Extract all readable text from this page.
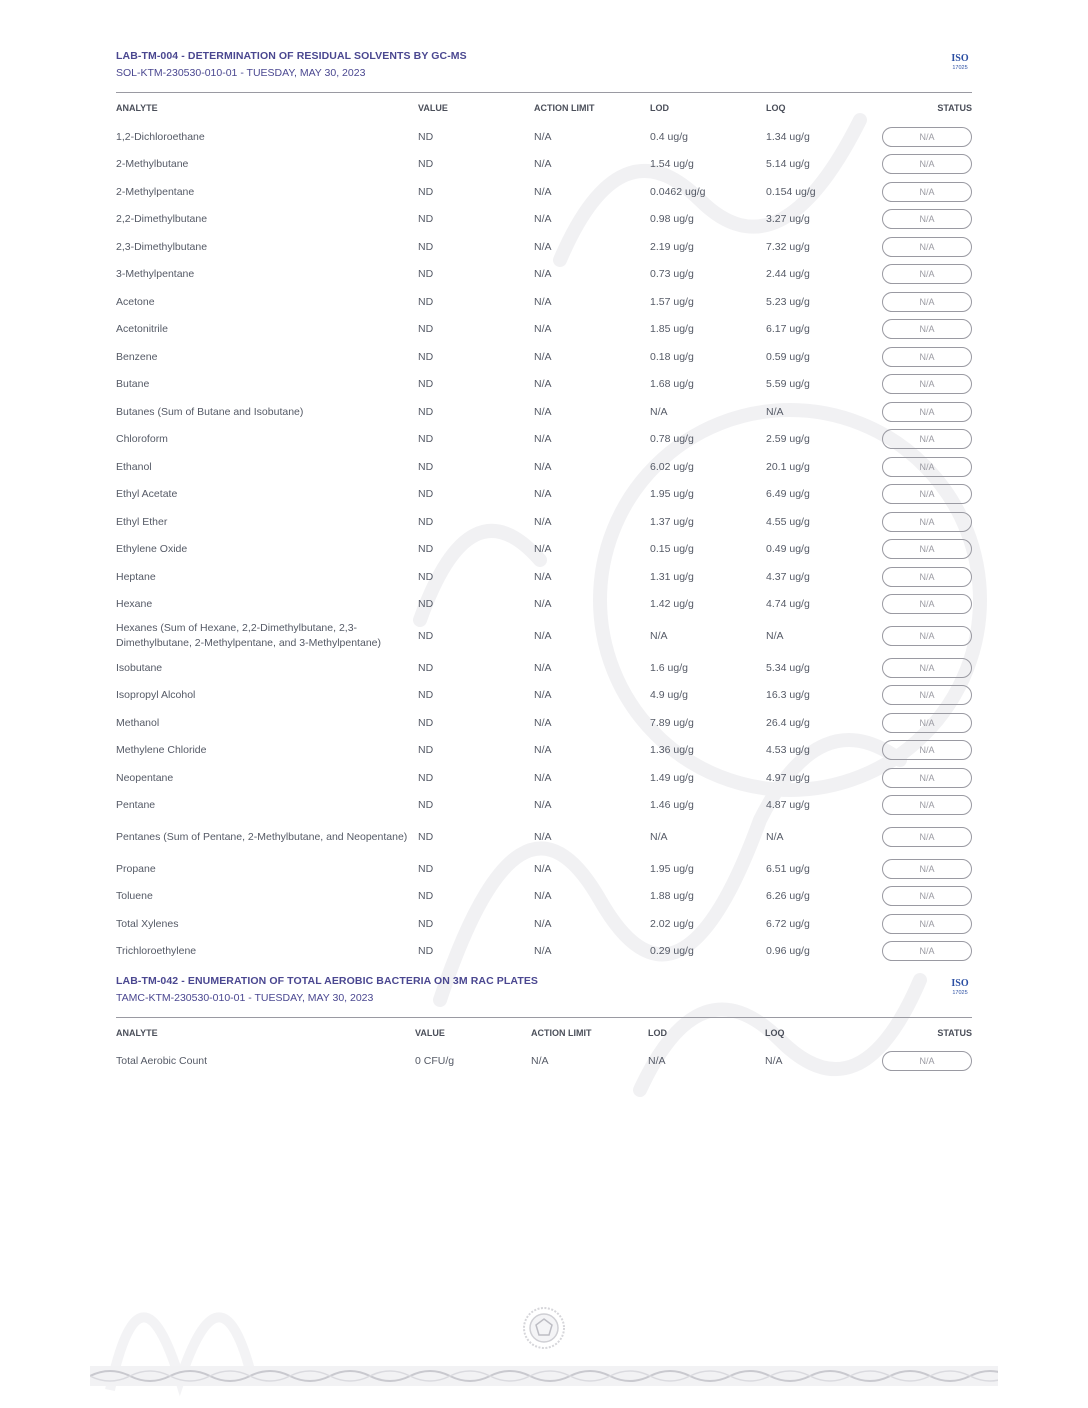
LAB-TM-004 - DETERMINATION OF RESIDUAL SOLVENTS BY GC-MS
SOL-KTM-230530-010-01 - TUESDAY, MAY 30, 2023
ISO
17025
ANALYTE	VALUE	ACTION LIMIT	LOD	LOQ	STATUS
1,2-Dichloroethane	ND	N/A	0.4 ug/g	1.34 ug/g	N/A
2-Methylbutane	ND	N/A	1.54 ug/g	5.14 ug/g	N/A
2-Methylpentane	ND	N/A	0.0462 ug/g	0.154 ug/g	N/A
2,2-Dimethylbutane	ND	N/A	0.98 ug/g	3.27 ug/g	N/A
2,3-Dimethylbutane	ND	N/A	2.19 ug/g	7.32 ug/g	N/A
3-Methylpentane	ND	N/A	0.73 ug/g	2.44 ug/g	N/A
Acetone	ND	N/A	1.57 ug/g	5.23 ug/g	N/A
Acetonitrile	ND	N/A	1.85 ug/g	6.17 ug/g	N/A
Benzene	ND	N/A	0.18 ug/g	0.59 ug/g	N/A
Butane	ND	N/A	1.68 ug/g	5.59 ug/g	N/A
Butanes (Sum of Butane and Isobutane)	ND	N/A	N/A	N/A	N/A
Chloroform	ND	N/A	0.78 ug/g	2.59 ug/g	N/A
Ethanol	ND	N/A	6.02 ug/g	20.1 ug/g	N/A
Ethyl Acetate	ND	N/A	1.95 ug/g	6.49 ug/g	N/A
Ethyl Ether	ND	N/A	1.37 ug/g	4.55 ug/g	N/A
Ethylene Oxide	ND	N/A	0.15 ug/g	0.49 ug/g	N/A
Heptane	ND	N/A	1.31 ug/g	4.37 ug/g	N/A
Hexane	ND	N/A	1.42 ug/g	4.74 ug/g	N/A
Hexanes (Sum of Hexane, 2,2-Dimethylbutane, 2,3-Dimethylbutane, 2-Methylpentane, and 3-Methylpentane)
ND	N/A	N/A	N/A	N/A
Isobutane	ND	N/A	1.6 ug/g	5.34 ug/g	N/A
Isopropyl Alcohol	ND	N/A	4.9 ug/g	16.3 ug/g	N/A
Methanol	ND	N/A	7.89 ug/g	26.4 ug/g	N/A
Methylene Chloride	ND	N/A	1.36 ug/g	4.53 ug/g	N/A
Neopentane	ND	N/A	1.49 ug/g	4.97 ug/g	N/A
Pentane	ND	N/A	1.46 ug/g	4.87 ug/g	N/A
Pentanes (Sum of Pentane, 2-Methylbutane, and Neopentane) ND	N/A	N/A	N/A	N/A
Propane	ND	N/A	1.95 ug/g	6.51 ug/g	N/A
Toluene	ND	N/A	1.88 ug/g	6.26 ug/g	N/A
Total Xylenes	ND	N/A	2.02 ug/g	6.72 ug/g	N/A
Trichloroethylene	ND	N/A	0.29 ug/g	0.96 ug/g	N/A
LAB-TM-042 - ENUMERATION OF TOTAL AEROBIC BACTERIA ON 3M RAC PLATES
TAMC-KTM-230530-010-01 - TUESDAY, MAY 30, 2023
ISO
17025
ANALYTE	VALUE	ACTION LIMIT	LOD	LOQ	STATUS
Total Aerobic Count	0 CFU/g	N/A	N/A	N/A	N/A
